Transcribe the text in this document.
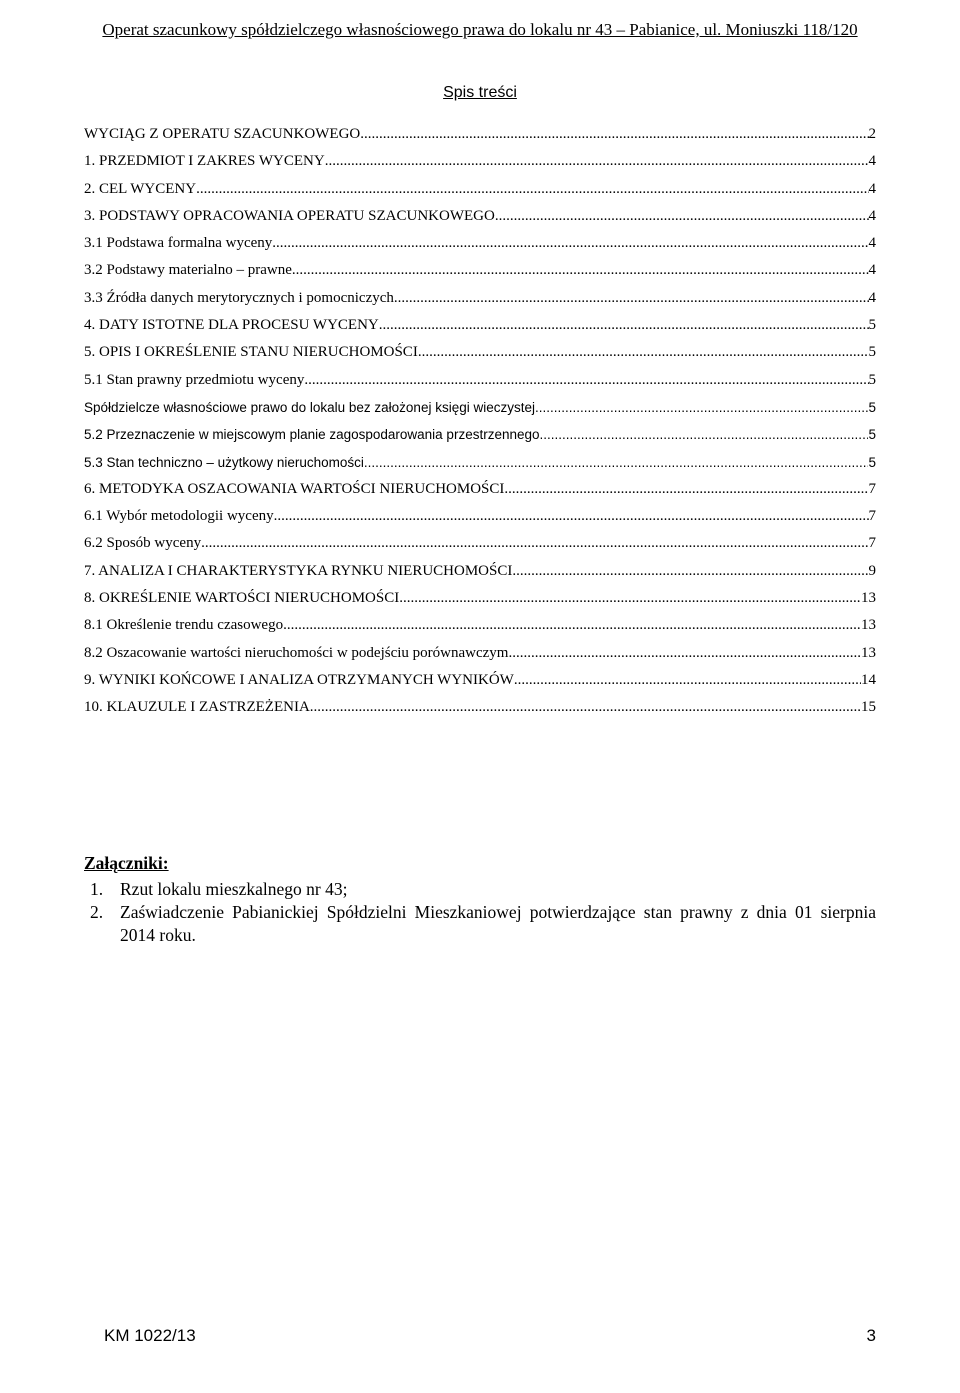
Operat szacunkowy spółdzielczego własnościowego prawa do lokalu nr 43 – Pabianice, ul. Moniuszki 118/120
Spis treści
WYCIĄG Z OPERATU SZACUNKOWEGO .....	2
1. PRZEDMIOT I ZAKRES WYCENY .....	4
2. CEL WYCENY .....	4
3. PODSTAWY OPRACOWANIA OPERATU SZACUNKOWEGO .....	4
3.1 Podstawa formalna wyceny .....	4
3.2 Podstawy materialno – prawne .....	4
3.3 Źródła danych merytorycznych i pomocniczych .....	4
4. DATY ISTOTNE DLA PROCESU WYCENY .....	5
5. OPIS I OKREŚLENIE STANU NIERUCHOMOŚCI .....	5
5.1 Stan prawny przedmiotu wyceny .....	5
Spółdzielcze własnościowe prawo do lokalu bez założonej księgi wieczystej. .....	5
5.2 Przeznaczenie w miejscowym planie zagospodarowania przestrzennego .....	5
5.3 Stan techniczno – użytkowy nieruchomości .....	5
6. METODYKA OSZACOWANIA WARTOŚCI NIERUCHOMOŚCI .....	7
6.1 Wybór metodologii wyceny .....	7
6.2 Sposób wyceny .....	7
7. ANALIZA I CHARAKTERYSTYKA RYNKU NIERUCHOMOŚCI .....	9
8. OKREŚLENIE WARTOŚCI NIERUCHOMOŚCI .....	13
8.1 Określenie trendu czasowego .....	13
8.2 Oszacowanie wartości nieruchomości w podejściu porównawczym .....	13
9. WYNIKI KOŃCOWE I ANALIZA OTRZYMANYCH WYNIKÓW .....	14
10. KLAUZULE I ZASTRZEŻENIA .....	15
Załączniki:
1. Rzut lokalu mieszkalnego nr 43;
2. Zaświadczenie Pabianickiej Spółdzielni Mieszkaniowej potwierdzające stan prawny z dnia 01 sierpnia 2014 roku.
KM 1022/13	3
